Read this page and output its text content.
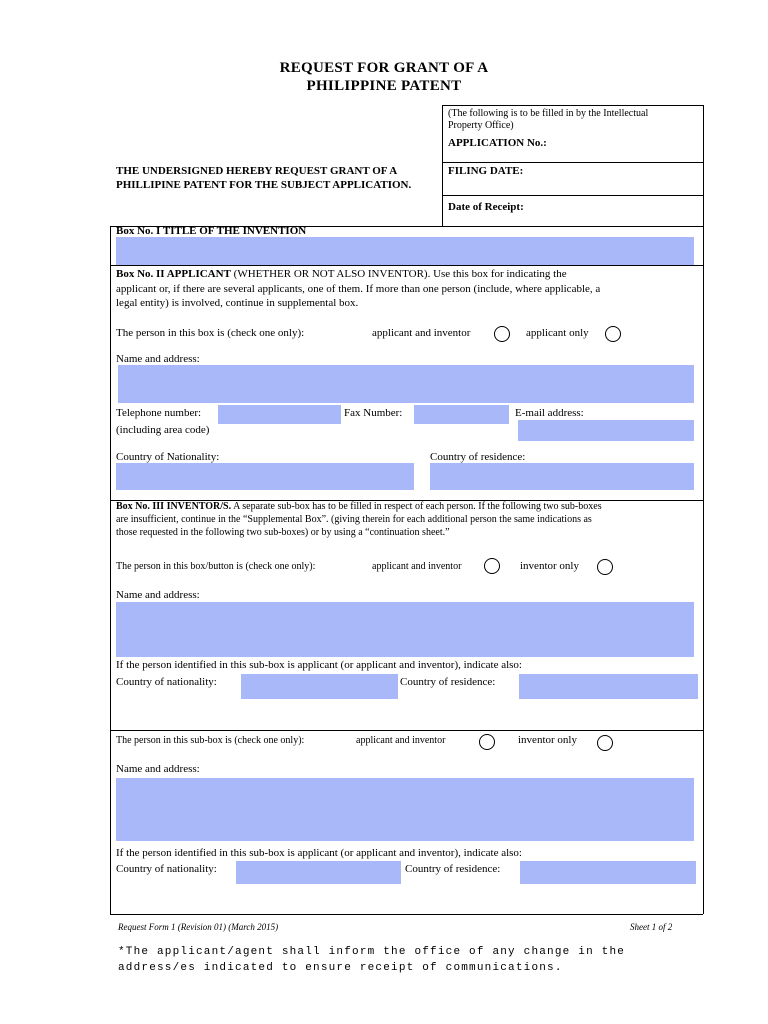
REQUEST FOR GRANT OF A
PHILIPPINE PATENT
(The following is to be filled in by the Intellectual
Property Office)
APPLICATION No.:
FILING DATE:
Date of Receipt:
THE UNDERSIGNED HEREBY REQUEST GRANT OF A
PHILLIPINE PATENT FOR THE SUBJECT APPLICATION.
Box No. I TITLE OF THE INVENTION
Box No. II APPLICANT (WHETHER OR NOT ALSO INVENTOR). Use this box for indicating the
applicant or, if there are several applicants, one of them. If more than one person (include, where applicable, a
legal entity) is involved, continue in supplemental box.
The person in this box is (check one only):	applicant and inventor	applicant only
Name and address:
Telephone number:	Fax Number:	E-mail address:
(including area code)
Country of Nationality:	Country of residence:
Box No. III INVENTOR/S. A separate sub-box has to be filled in respect of each person. If the following two sub-boxes
are insufficient, continue in the “Supplemental Box”. (giving therein for each additional person the same indications as
those requested in the following two sub-boxes) or by using a “continuation sheet.”
The person in this box/button is (check one only):	applicant and inventor	inventor only
Name and address:
If the person identified in this sub-box is applicant (or applicant and inventor), indicate also:
Country of nationality:	Country of residence:
The person in this sub-box is (check one only):	applicant and inventor	inventor only
Name and address:
If the person identified in this sub-box is applicant (or applicant and inventor), indicate also:
Country of nationality:	Country of residence:
Request Form 1 (Revision 01) (March 2015)	Sheet 1 of 2
*The applicant/agent shall inform the office of any change in the
address/es indicated to ensure receipt of communications.
